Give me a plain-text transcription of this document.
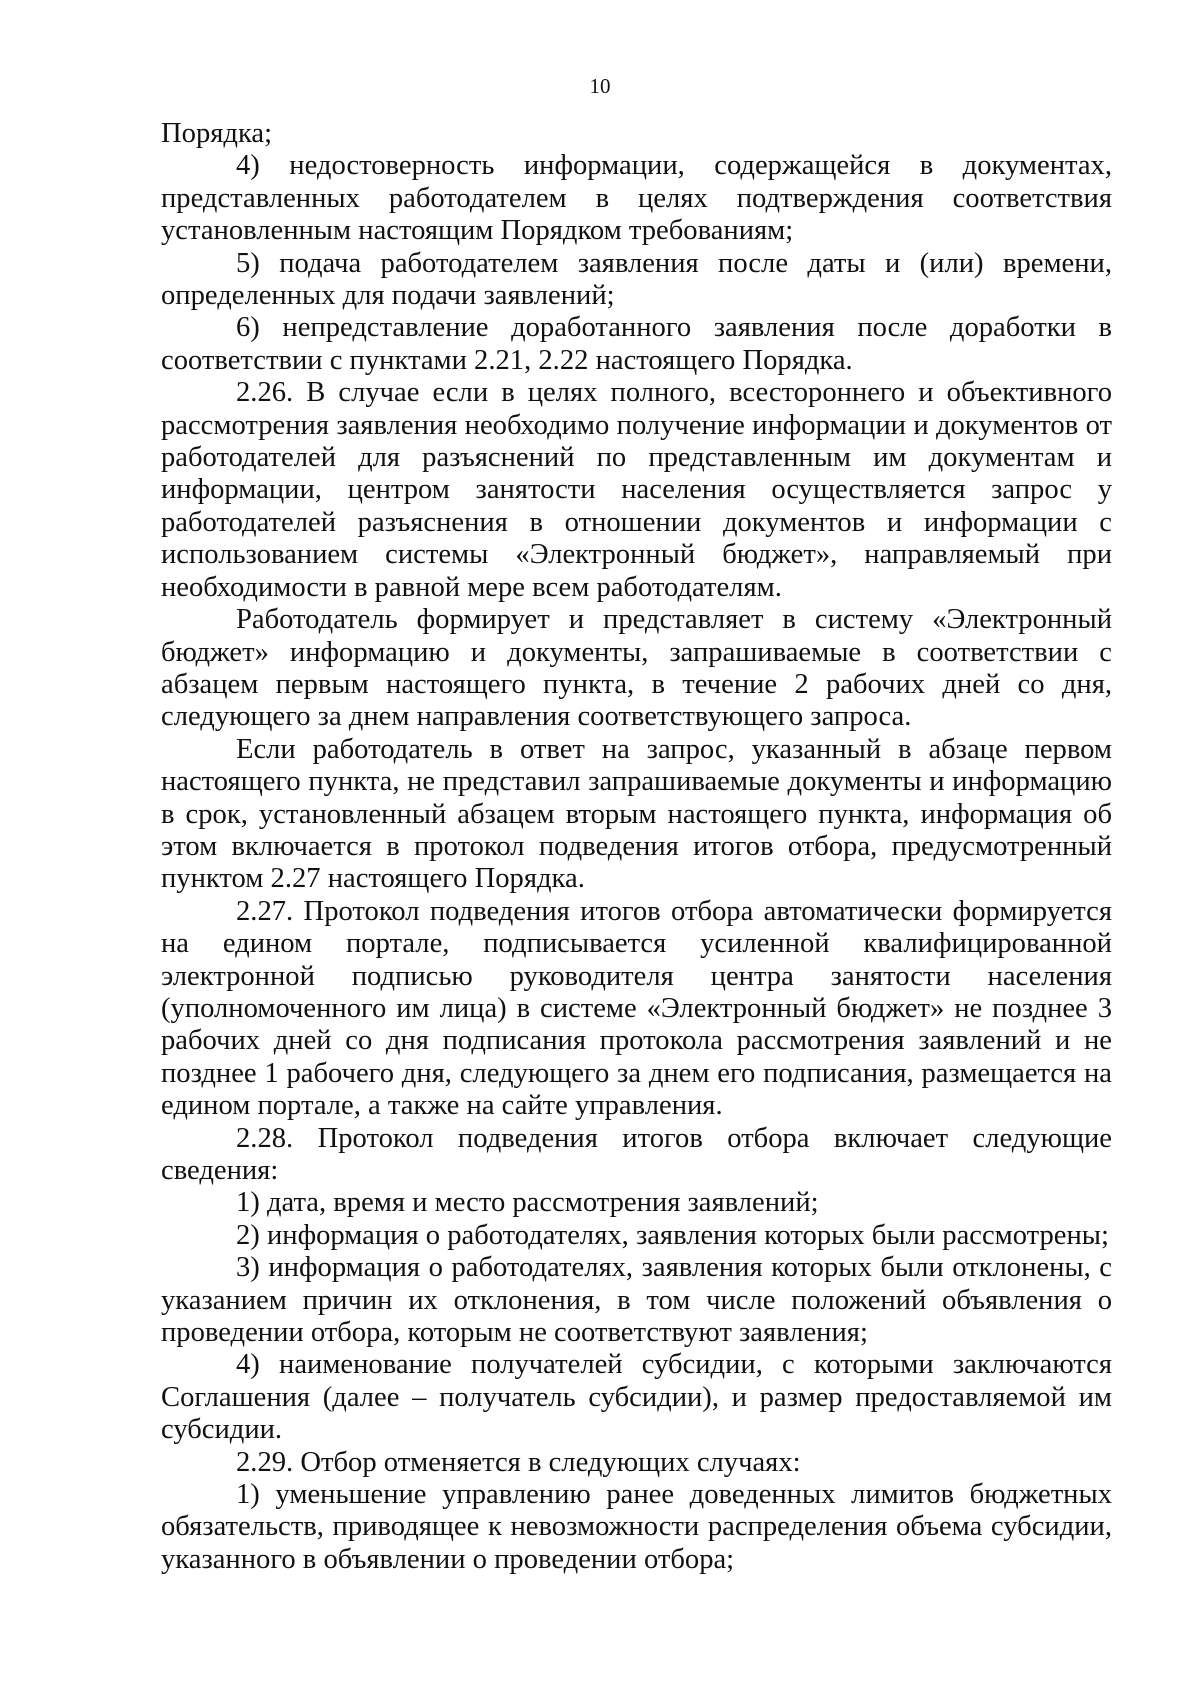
10

Порядка;

4) недостоверность информации, содержащейся в документах, представленных работодателем в целях подтверждения соответствия установленным настоящим Порядком требованиям;

5) подача работодателем заявления после даты и (или) времени, определенных для подачи заявлений;

6) непредставление доработанного заявления после доработки в соответствии с пунктами 2.21, 2.22 настоящего Порядка.

2.26. В случае если в целях полного, всестороннего и объективного рассмотрения заявления необходимо получение информации и документов от работодателей для разъяснений по представленным им документам и информации, центром занятости населения осуществляется запрос у работодателей разъяснения в отношении документов и информации с использованием системы «Электронный бюджет», направляемый при необходимости в равной мере всем работодателям.

Работодатель формирует и представляет в систему «Электронный бюджет» информацию и документы, запрашиваемые в соответствии с абзацем первым настоящего пункта, в течение 2 рабочих дней со дня, следующего за днем направления соответствующего запроса.

Если работодатель в ответ на запрос, указанный в абзаце первом настоящего пункта, не представил запрашиваемые документы и информацию в срок, установленный абзацем вторым настоящего пункта, информация об этом включается в протокол подведения итогов отбора, предусмотренный пунктом 2.27 настоящего Порядка.

2.27. Протокол подведения итогов отбора автоматически формируется на едином портале, подписывается усиленной квалифицированной электронной подписью руководителя центра занятости населения (уполномоченного им лица) в системе «Электронный бюджет» не позднее 3 рабочих дней со дня подписания протокола рассмотрения заявлений и не позднее 1 рабочего дня, следующего за днем его подписания, размещается на едином портале, а также на сайте управления.

2.28. Протокол подведения итогов отбора включает следующие сведения:

1) дата, время и место рассмотрения заявлений;

2) информация о работодателях, заявления которых были рассмотрены;

3) информация о работодателях, заявления которых были отклонены, с указанием причин их отклонения, в том числе положений объявления о проведении отбора, которым не соответствуют заявления;

4) наименование получателей субсидии, с которыми заключаются Соглашения (далее – получатель субсидии), и размер предоставляемой им субсидии.

2.29. Отбор отменяется в следующих случаях:

1) уменьшение управлению ранее доведенных лимитов бюджетных обязательств, приводящее к невозможности распределения объема субсидии, указанного в объявлении о проведении отбора;
